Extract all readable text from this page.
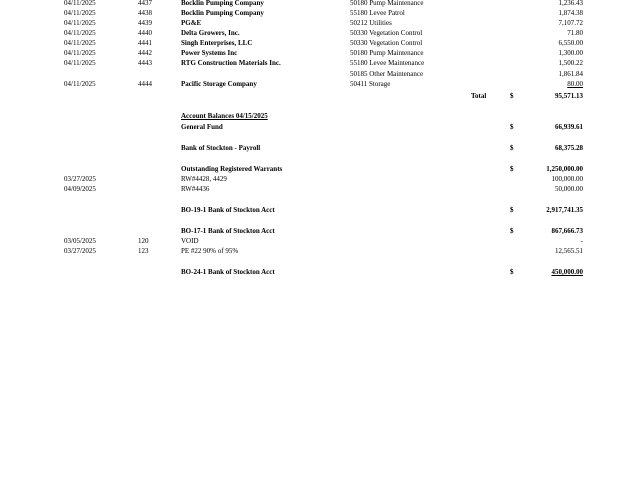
04/11/2025	4437	Bocklin Pumping Company	50180 Pump Maintenance	1,236.43
04/11/2025	4438	Bocklin Pumping Company	55180 Levee Patrol	1,874.38
04/11/2025	4439	PG&E	50212 Utilities	7,107.72
04/11/2025	4440	Delta Growers, Inc.	50330 Vegetation Control	71.80
04/11/2025	4441	Singh Enterprises, LLC	50330 Vegetation Control	6,550.00
04/11/2025	4442	Power Systems Inc	50180 Pump Maintenance	1,300.00
04/11/2025	4443	RTG Construction Materials Inc.	55180 Levee Maintenance	1,500.22
50185 Other Maintenance	1,861.84
04/11/2025	4444	Pacific Storage Company	50411 Storage	80.00
Total	$	95,571.13
Account Balances 04/15/2025
General Fund	$	66,939.61
Bank of Stockton - Payroll	$	68,375.28
Outstanding Registered Warrants	$	1,250,000.00
03/27/2025	RW#4428, 4429	100,000.00
04/09/2025	RW#4436	50,000.00
BO-19-1 Bank of Stockton Acct	$	2,917,741.35
BO-17-1 Bank of Stockton Acct	$	867,666.73
03/05/2025	120	VOID	-
03/27/2025	123	PE #22 90% of 95%	12,565.51
BO-24-1 Bank of Stockton Acct	$	450,000.00
